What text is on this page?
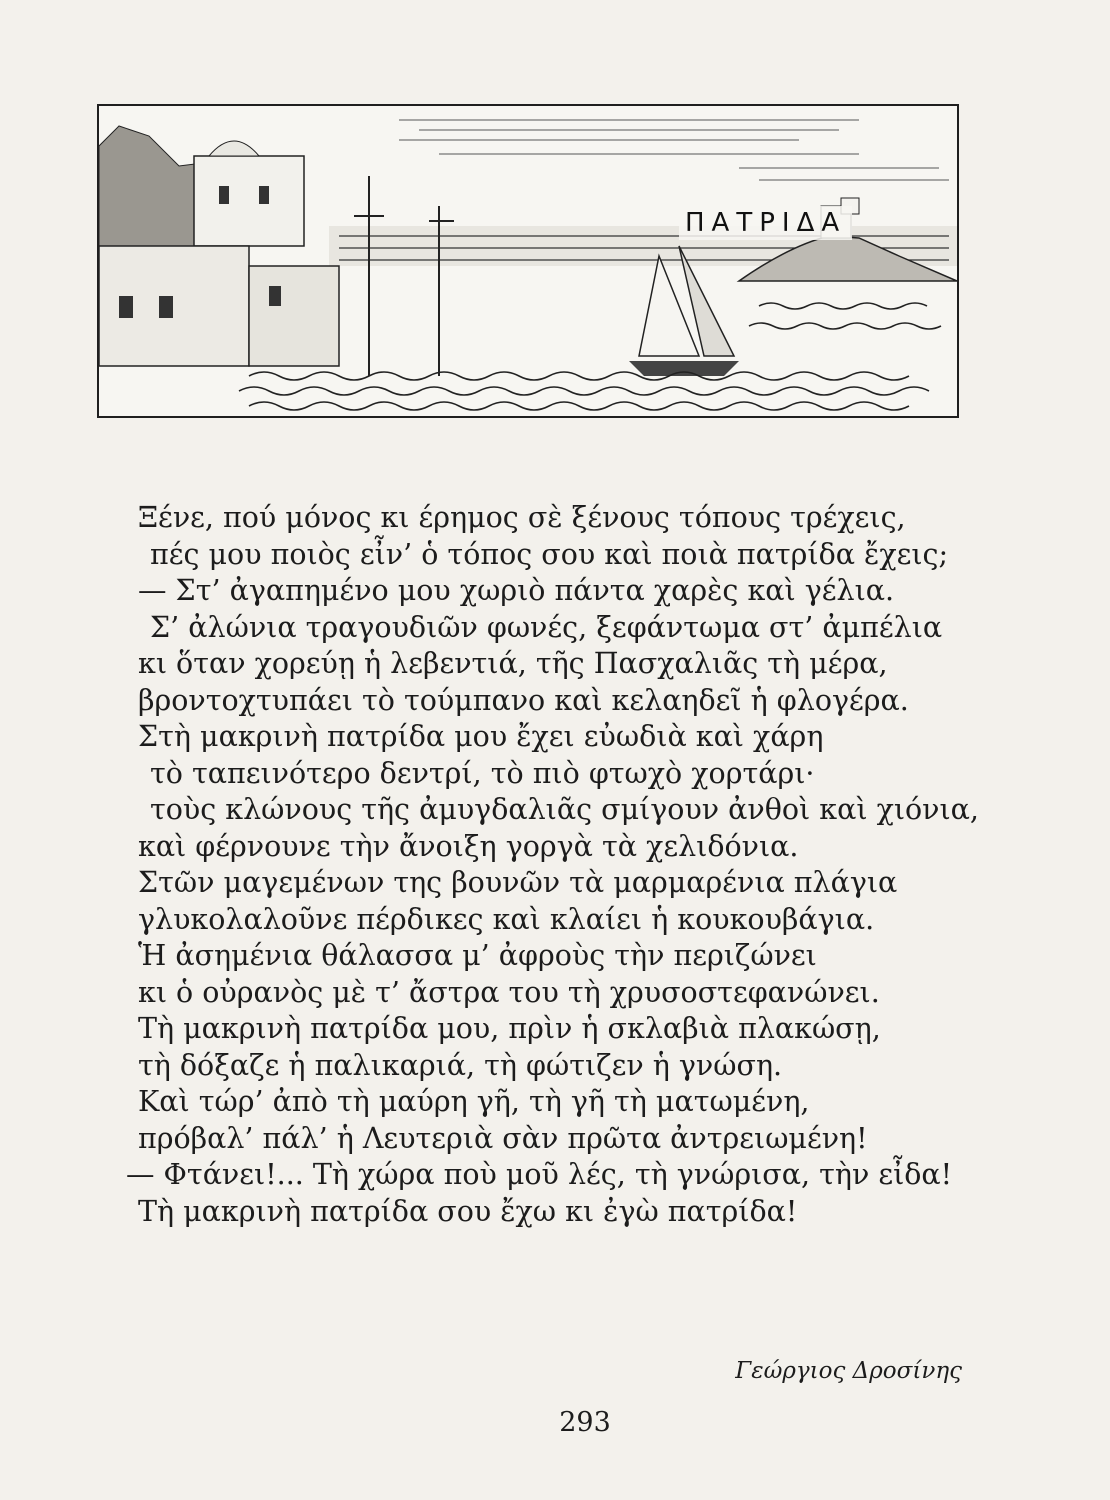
ΠΑΤΡΙΔΑ
Ξένε, πού μόνος κι έρημος σὲ ξένους τόπους τρέχεις,
πές μου ποιὸς εἶν’ ὁ τόπος σου καὶ ποιὰ πατρίδα ἔχεις;
— Στ’ ἀγαπημένο μου χωριὸ πάντα χαρὲς καὶ γέλια.
Σ’ ἀλώνια τραγουδιῶν φωνές, ξεφάντωμα στ’ ἀμπέλια
κι ὅταν χορεύῃ ἡ λεβεντιά, τῆς Πασχαλιᾶς τὴ μέρα,
βροντοχτυπάει τὸ τούμπανο καὶ κελαηδεῖ ἡ φλογέρα.
Στὴ μακρινὴ πατρίδα μου ἔχει εὐωδιὰ καὶ χάρη
τὸ ταπεινότερο δεντρί, τὸ πιὸ φτωχὸ χορτάρι·
τοὺς κλώνους τῆς ἀμυγδαλιᾶς σμίγουν ἀνθοὶ καὶ χιόνια,
καὶ φέρνουνε τὴν ἄνοιξη γοργὰ τὰ χελιδόνια.
Στῶν μαγεμένων της βουνῶν τὰ μαρμαρένια πλάγια
γλυκολαλοῦνε πέρδικες καὶ κλαίει ἡ κουκουβάγια.
Ἡ ἀσημένια θάλασσα μ’ ἀφροὺς τὴν περιζώνει
κι ὁ οὐρανὸς μὲ τ’ ἄστρα του τὴ χρυσοστεφανώνει.
Τὴ μακρινὴ πατρίδα μου, πρὶν ἡ σκλαβιὰ πλακώσῃ,
τὴ δόξαζε ἡ παλικαριά, τὴ φώτιζεν ἡ γνώση.
Καὶ τώρ’ ἀπὸ τὴ μαύρη γῆ, τὴ γῆ τὴ ματωμένη,
πρόβαλ’ πάλ’ ἡ Λευτεριὰ σὰν πρῶτα ἀντρειωμένη!
— Φτάνει!... Τὴ χώρα ποὺ μοῦ λές, τὴ γνώρισα, τὴν εἶδα!
Τὴ μακρινὴ πατρίδα σου ἔχω κι ἐγὼ πατρίδα!
Γεώργιος Δροσίνης
293
